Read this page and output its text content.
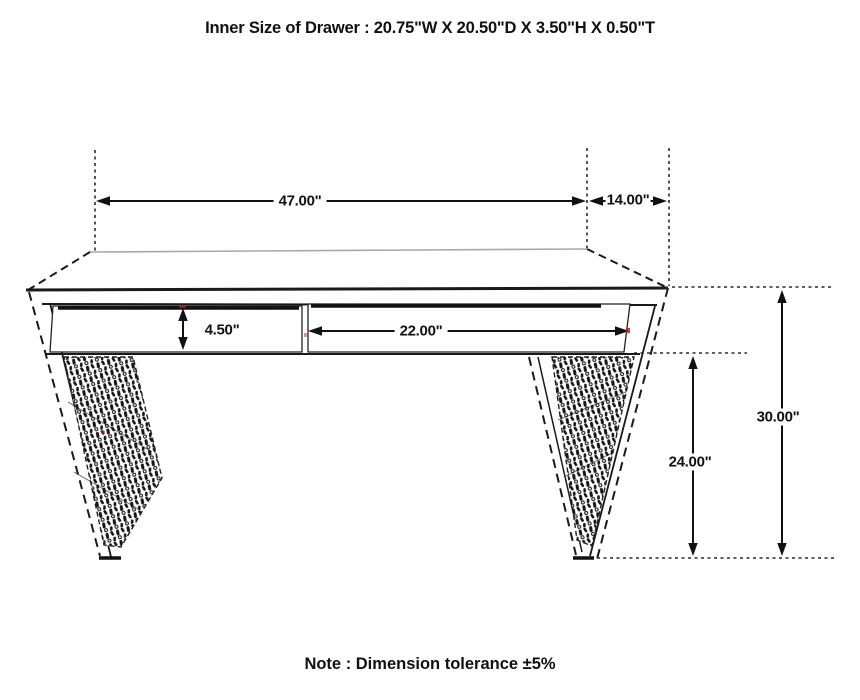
Inner Size of Drawer : 20.75"W X 20.50"D X 3.50"H X 0.50"T
47.00"	14.00"
4.50"	22.00"
24.00"
30.00"
Note : Dimension tolerance ±5%
